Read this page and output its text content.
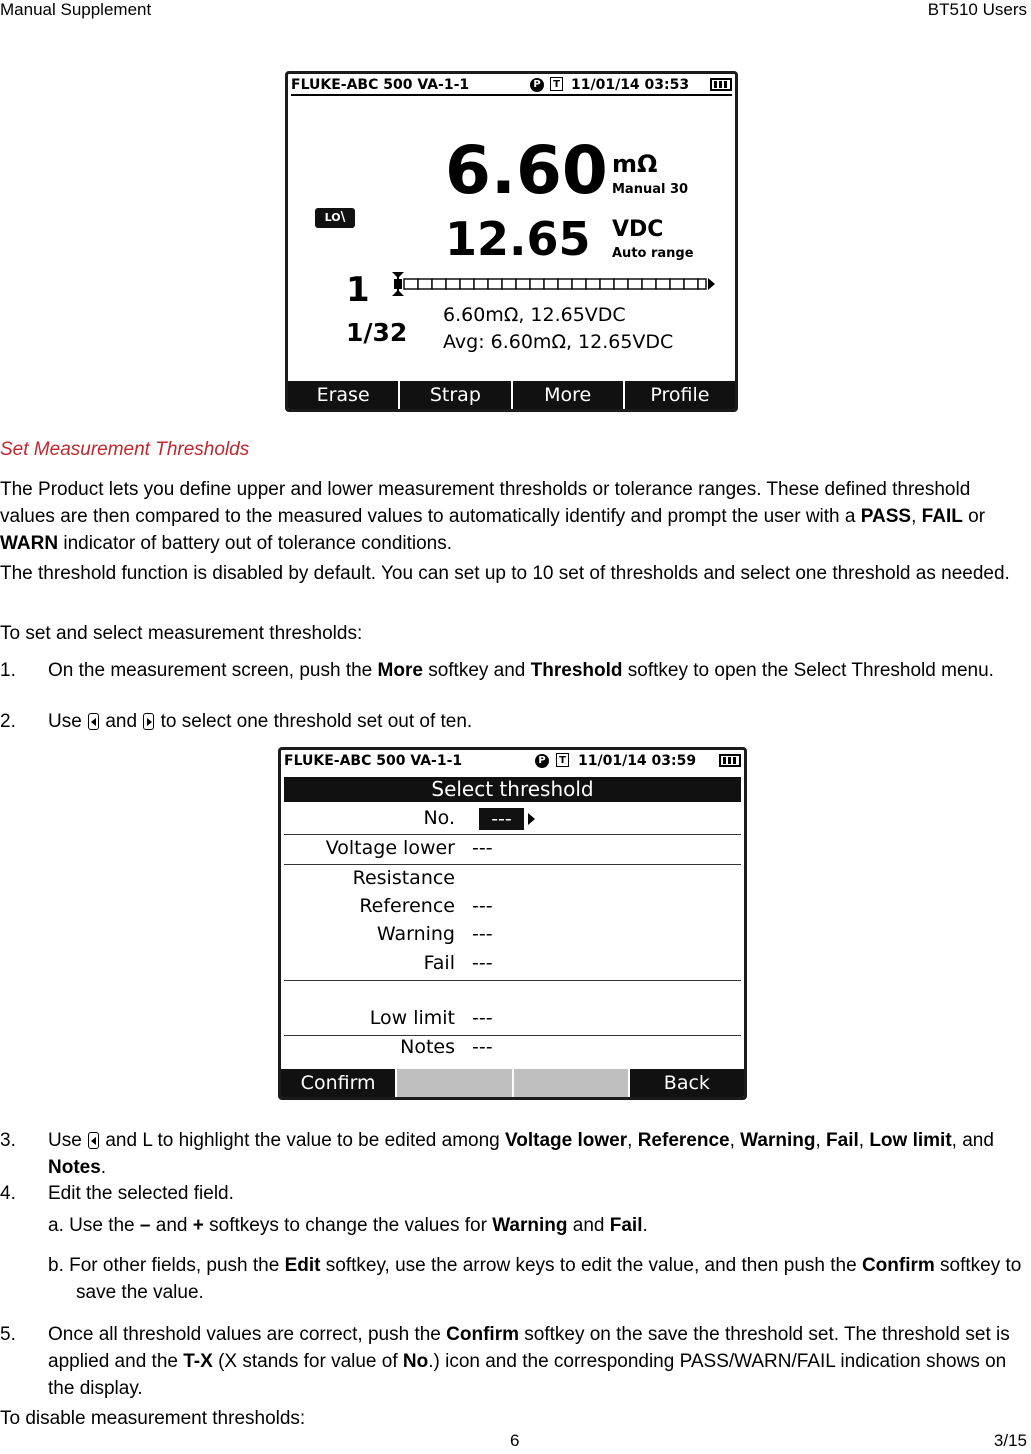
Manual Supplement	BT510 Users
FLUKE-ABC 500 VA-1-1	P	T 11/01/14 03:53
LO\
6.60 mΩ
Manual 30
12.65 VDC
Auto range
1
1/32
6.60mΩ, 12.65VDC
Avg: 6.60mΩ, 12.65VDC
Erase	Strap	More	Profile
Set Measurement Thresholds
The Product lets you define upper and lower measurement thresholds or tolerance ranges. These defined threshold values are then compared to the measured values to automatically identify and prompt the user with a PASS, FAIL or WARN indicator of battery out of tolerance conditions.
The threshold function is disabled by default. You can set up to 10 set of thresholds and select one threshold as needed.
To set and select measurement thresholds:
1. On the measurement screen, push the More softkey and Threshold softkey to open the Select Threshold menu.
2. Use  and  to select one threshold set out of ten.
FLUKE-ABC 500 VA-1-1	P	T 11/01/14 03:59
Select threshold
No.	---
Voltage lower ---
Resistance
Reference ---
Warning ---
Fail ---
Low limit ---
Notes ---
Confirm	Back
3. Use  and L to highlight the value to be edited among Voltage lower, Reference, Warning, Fail, Low limit, and Notes.
4. Edit the selected field.
a. Use the – and + softkeys to change the values for Warning and Fail.
b. For other fields, push the Edit softkey, use the arrow keys to edit the value, and then push the Confirm softkey to save the value.
5. Once all threshold values are correct, push the Confirm softkey on the save the threshold set. The threshold set is applied and the T-X (X stands for value of No.) icon and the corresponding PASS/WARN/FAIL indication shows on the display.
To disable measurement thresholds:
6	3/15
